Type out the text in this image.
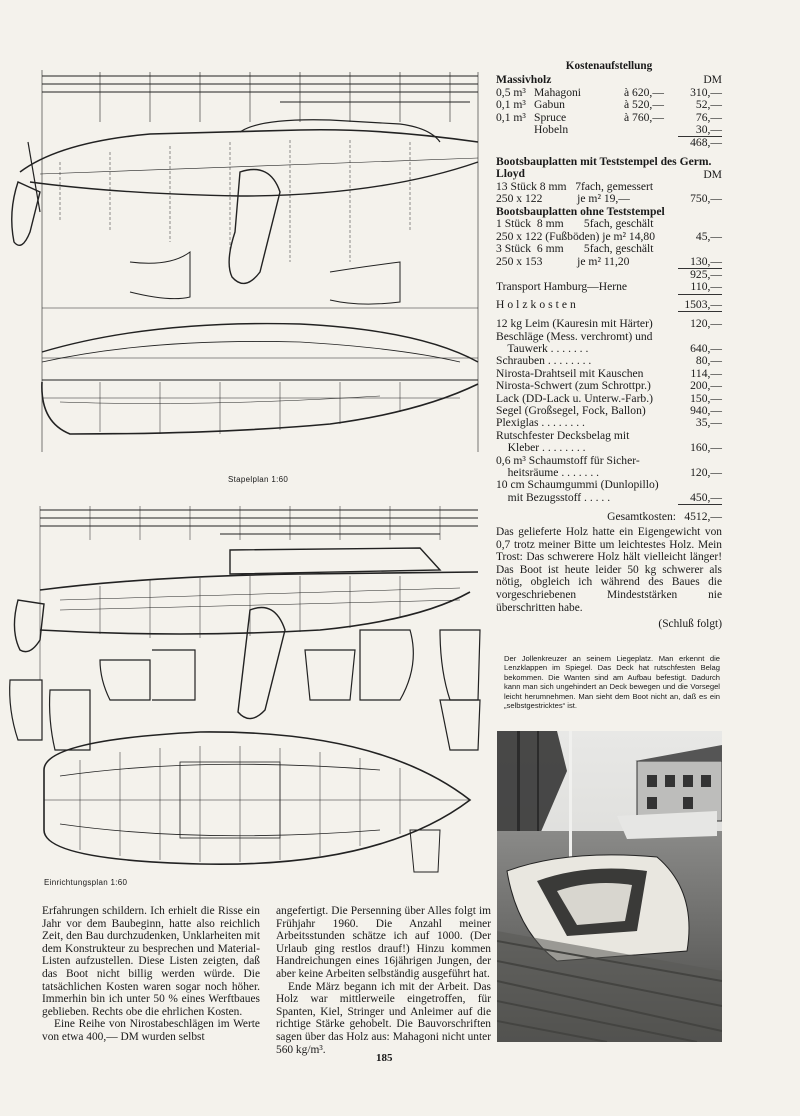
Stapelplan 1:60
Einrichtungsplan 1:60
Kostenaufstellung
Massivholz	DM
0,5 m³ Mahagoni	à 620,—	310,—
0,1 m³ Gabun	à 520,—	52,—
0,1 m³ Spruce	à 760,—	76,—
Hobeln	30,—
468,—
Bootsbauplatten mit Teststempel des Germ. Lloyd	DM
13 Stück 8 mm   7fach, gemessert
250 x 122            je m² 19,—	750,—
Bootsbauplatten ohne Teststempel
1 Stück  8 mm       5fach, geschält
250 x 122 (Fußböden) je m² 14,80	45,—
3 Stück  6 mm       5fach, geschält
250 x 153            je m² 11,20	130,—
925,—
Transport Hamburg—Herne	110,—
Holzkosten	1503,—
12 kg Leim (Kauresin mit Härter)	120,—
Beschläge (Mess. verchromt) und
Tauwerk . . . . . . .	640,—
Schrauben . . . . . . . .	80,—
Nirosta-Drahtseil mit Kauschen	114,—
Nirosta-Schwert (zum Schrottpr.)	200,—
Lack (DD-Lack u. Unterw.-Farb.)	150,—
Segel (Großsegel, Fock, Ballon)	940,—
Plexiglas . . . . . . . .	35,—
Rutschfester Decksbelag mit
Kleber . . . . . . . .	160,—
0,6 m³ Schaumstoff für Sicher-
heitsräume . . . . . . .	120,—
10 cm Schaumgummi (Dunlopillo)
mit Bezugsstoff . . . . .	450,—
Gesamtkosten: 4512,—

Das gelieferte Holz hatte ein Eigengewicht von 0,7 trotz meiner Bitte um leichtestes Holz. Mein Trost: Das schwerere Holz hält vielleicht länger! Das Boot ist heute leider 50 kg schwerer als nötig, obgleich ich während des Baues die vorgeschriebenen Mindeststärken nie überschritten habe.

(Schluß folgt)

Der Jollenkreuzer an seinem Liegeplatz. Man erkennt die Lenzklappen im Spiegel. Das Deck hat rutschfesten Belag bekommen. Die Wanten sind am Aufbau befestigt. Dadurch kann man sich ungehindert an Deck bewegen und die Vorsegel leicht herumnehmen. Man sieht dem Boot nicht an, daß es ein „selbstgestricktes“ ist.

Erfahrungen schildern. Ich erhielt die Risse ein Jahr vor dem Baubeginn, hatte also reichlich Zeit, den Bau durchzudenken, Unklarheiten mit dem Konstrukteur zu besprechen und Material-Listen aufzustellen. Diese Listen zeigten, daß das Boot nicht billig werden würde. Die tatsächlichen Kosten waren sogar noch höher. Immerhin bin ich unter 50 % eines Werftbaues geblieben. Rechts obe die ehrlichen Kosten.

Eine Reihe von Nirostabeschlägen im Werte von etwa 400,— DM wurden selbst

angefertigt. Die Persenning über Alles folgt im Frühjahr 1960. Die Anzahl meiner Arbeitsstunden schätze ich auf 1000. (Der Urlaub ging restlos drauf!) Hinzu kommen Handreichungen eines 16jährigen Jungen, der aber keine Arbeiten selbständig ausgeführt hat.

Ende März begann ich mit der Arbeit. Das Holz war mittlerweile eingetroffen, für Spanten, Kiel, Stringer und Anleimer auf die richtige Stärke gehobelt. Die Bauvorschriften sagen über das Holz aus: Mahagoni nicht unter 560 kg/m³.

185
